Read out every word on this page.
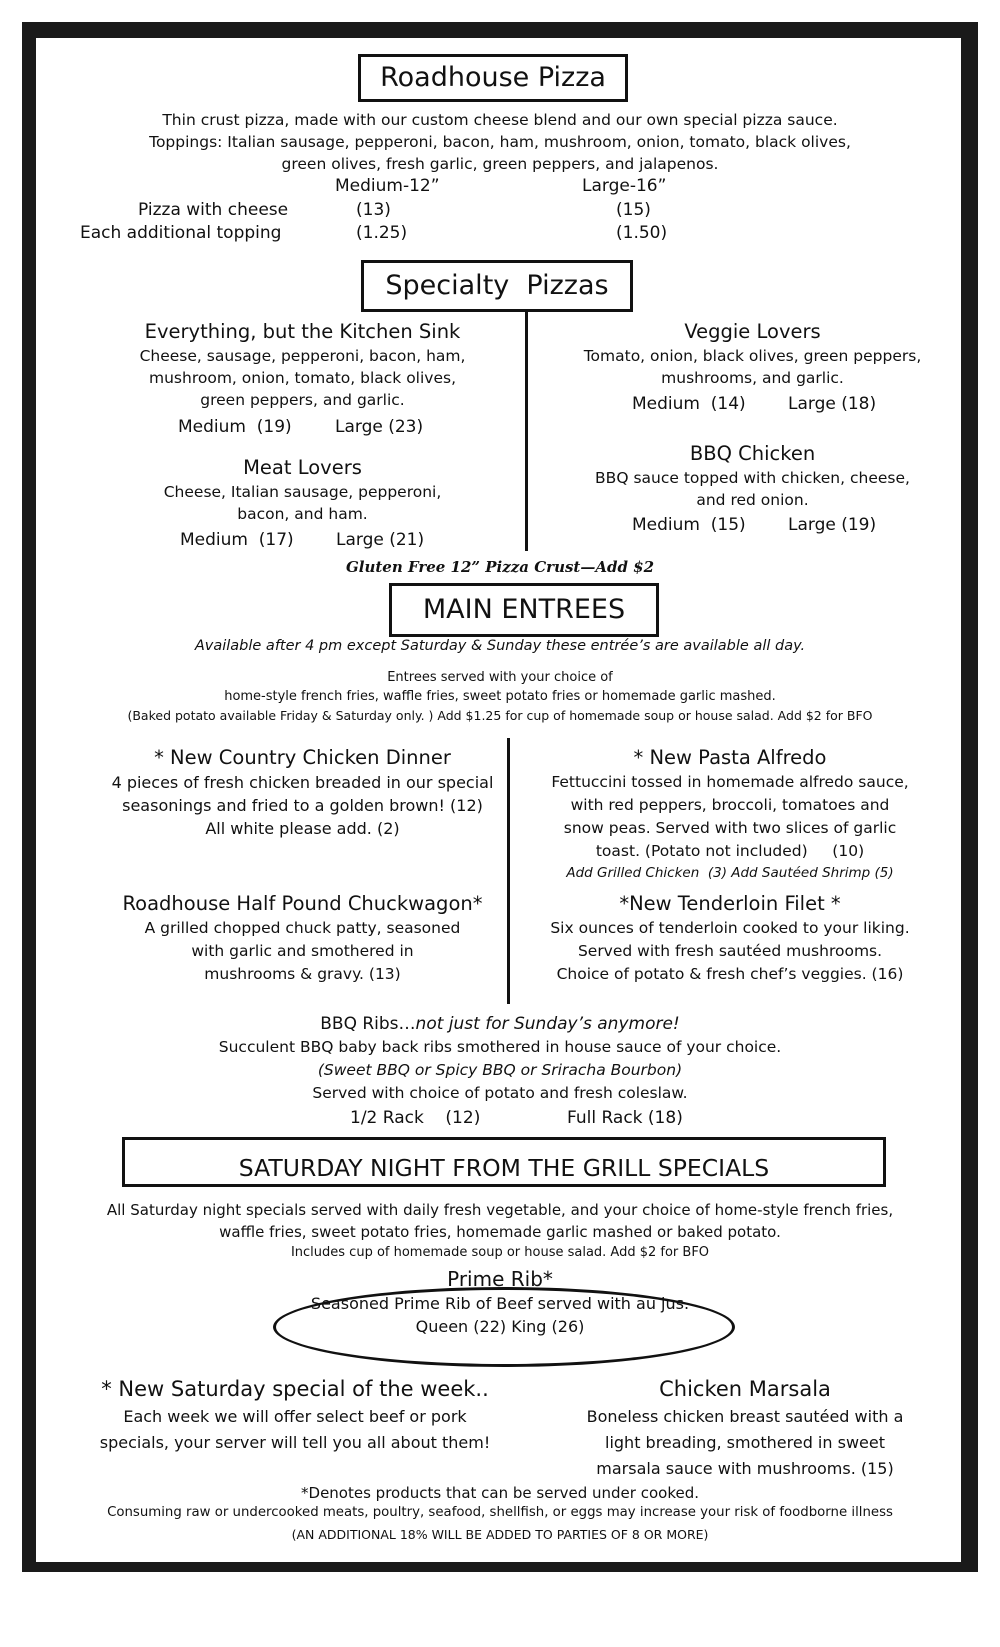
Roadhouse Pizza
Thin crust pizza, made with our custom cheese blend and our own special pizza sauce.
Toppings: Italian sausage, pepperoni, bacon, ham, mushroom, onion, tomato, black olives,
green olives, fresh garlic, green peppers, and jalapenos.
Medium-12”	Large-16”
Pizza with cheese	(13)	(15)
Each additional topping	(1.25)	(1.50)
Specialty  Pizzas
Everything, but the Kitchen Sink
Cheese, sausage, pepperoni, bacon, ham,
mushroom, onion, tomato, black olives,
green peppers, and garlic.
Medium  (19)	Large (23)
Meat Lovers
Cheese, Italian sausage, pepperoni,
bacon, and ham.
Medium  (17) Large (21)
Veggie Lovers
Tomato, onion, black olives, green peppers,
mushrooms, and garlic.
Medium  (14) Large (18)
BBQ Chicken
BBQ sauce topped with chicken, cheese,
and red onion.
Medium  (15) Large (19)
Gluten Free 12” Pizza Crust—Add $2
MAIN ENTREES
Available after 4 pm except Saturday & Sunday these entrée’s are available all day.
Entrees served with your choice of
home-style french fries, waffle fries, sweet potato fries or homemade garlic mashed.
(Baked potato available Friday & Saturday only. ) Add $1.25 for cup of homemade soup or house salad. Add $2 for BFO
* New Country Chicken Dinner
4 pieces of fresh chicken breaded in our special
seasonings and fried to a golden brown! (12)
All white please add. (2)
* New Pasta Alfredo
Fettuccini tossed in homemade alfredo sauce,
with red peppers, broccoli, tomatoes and
snow peas. Served with two slices of garlic
toast. (Potato not included)     (10)
Add Grilled Chicken  (3) Add Sautéed Shrimp (5)
Roadhouse Half Pound Chuckwagon*
A grilled chopped chuck patty, seasoned
with garlic and smothered in
mushrooms & gravy. (13)
*New Tenderloin Filet *
Six ounces of tenderloin cooked to your liking.
Served with fresh sautéed mushrooms.
Choice of potato & fresh chef’s veggies. (16)
BBQ Ribs…not just for Sunday’s anymore!
Succulent BBQ baby back ribs smothered in house sauce of your choice.
(Sweet BBQ or Spicy BBQ or Sriracha Bourbon)
Served with choice of potato and fresh coleslaw.
1/2 Rack    (12)	Full Rack (18)
SATURDAY NIGHT FROM THE GRILL SPECIALS
All Saturday night specials served with daily fresh vegetable, and your choice of home-style french fries,
waffle fries, sweet potato fries, homemade garlic mashed or baked potato.
Includes cup of homemade soup or house salad. Add $2 for BFO
Prime Rib*
Seasoned Prime Rib of Beef served with au jus.
Queen (22) King (26)
* New Saturday special of the week..
Each week we will offer select beef or pork
specials, your server will tell you all about them!
Chicken Marsala
Boneless chicken breast sautéed with a
light breading, smothered in sweet
marsala sauce with mushrooms. (15)
*Denotes products that can be served under cooked.
Consuming raw or undercooked meats, poultry, seafood, shellfish, or eggs may increase your risk of foodborne illness
(AN ADDITIONAL 18% WILL BE ADDED TO PARTIES OF 8 OR MORE)
